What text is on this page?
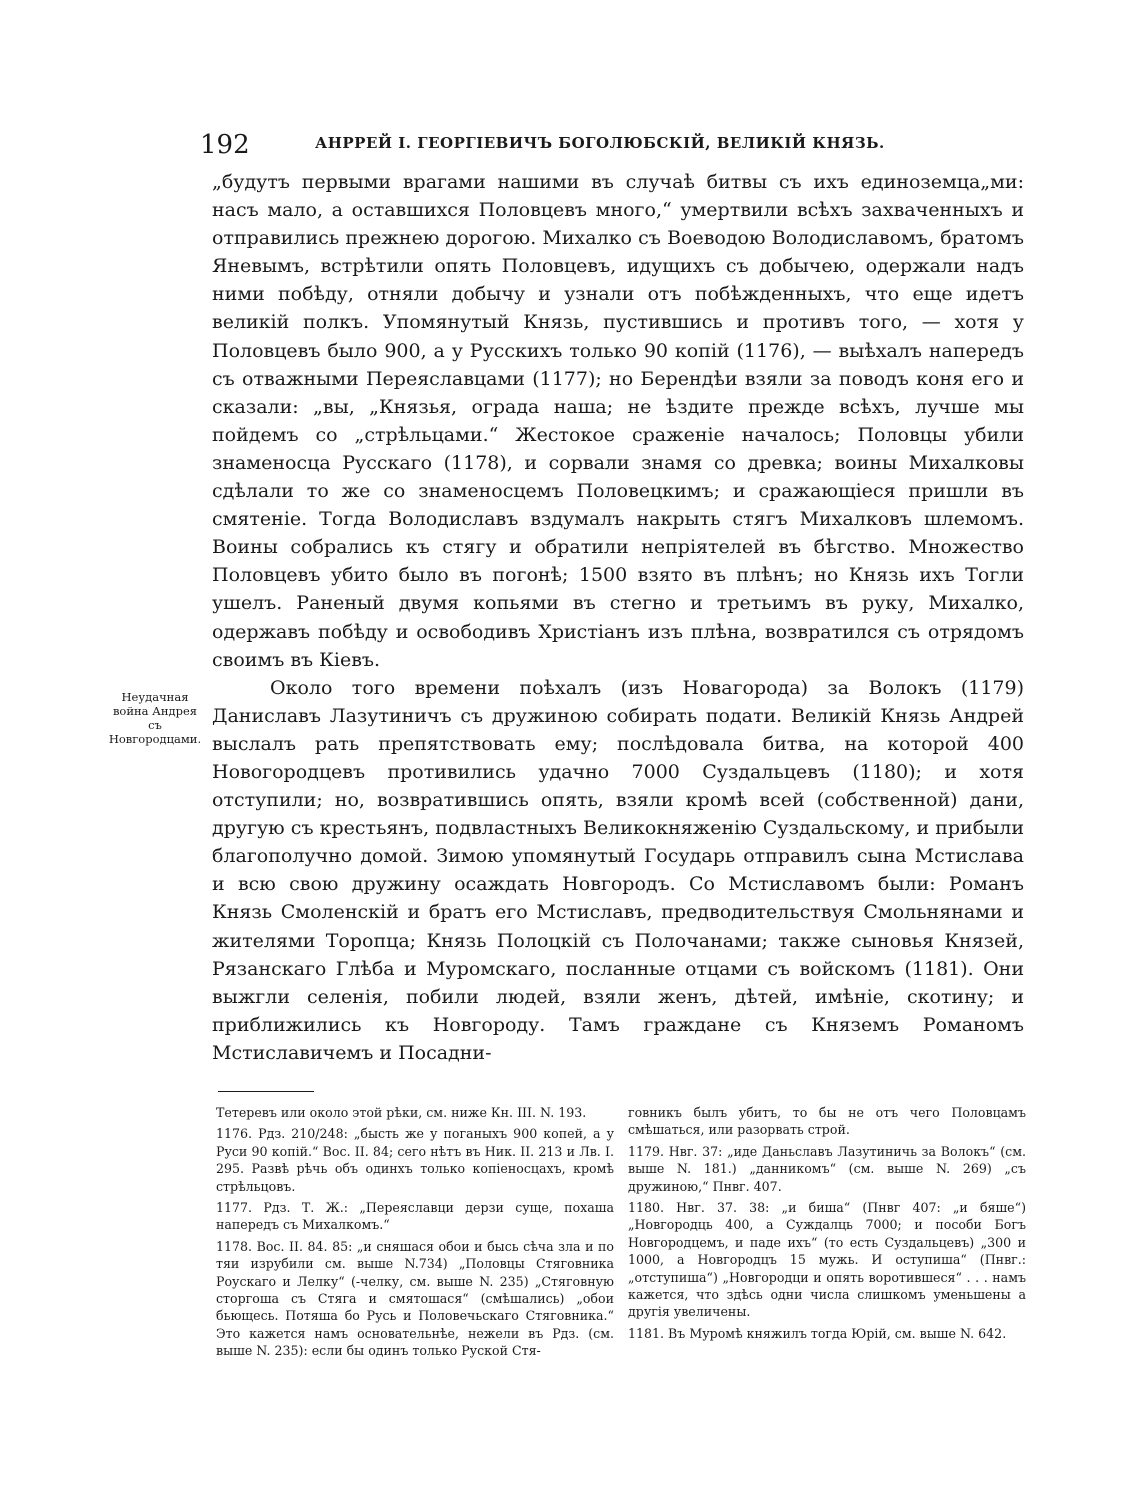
192	АНРРЕЙ I. ГЕОРГІЕВИЧЪ БОГОЛЮБСКІЙ, ВЕЛИКІЙ КНЯЗЬ.

„будутъ первыми врагами нашими въ случаѣ битвы съ ихъ единоземца„ми: насъ мало, а оставшихся Половцевъ много,“ умертвили всѣхъ захваченныхъ и отправились прежнею дорогою. Михалко съ Воеводою Володиславомъ, братомъ Яневымъ, встрѣтили опять Половцевъ, идущихъ съ добычею, одержали надъ ними побѣду, отняли добычу и узнали отъ побѣжденныхъ, что еще идетъ великій полкъ. Упомянутый Князь, пустившись и противъ того, — хотя у Половцевъ было 900, а у Русскихъ только 90 копій (1176), — выѣхалъ напередъ съ отважными Переяславцами (1177); но Берендѣи взяли за поводъ коня его и сказали: „вы, „Князья, ограда наша; не ѣздите прежде всѣхъ, лучше мы пойдемъ со „стрѣльцами.“ Жестокое сраженіе началось; Половцы убили знаменосца Русскаго (1178), и сорвали знамя со древка; воины Михалковы сдѣлали то же со знаменосцемъ Половецкимъ; и сражающіеся пришли въ смятеніе. Тогда Володиславъ вздумалъ накрыть стягъ Михалковъ шлемомъ. Воины собрались къ стягу и обратили непріятелей въ бѣгство. Множество Половцевъ убито было въ погонѣ; 1500 взято въ плѣнъ; но Князь ихъ Тогли ушелъ. Раненый двумя копьями въ стегно и третьимъ въ руку, Михалко, одержавъ побѣду и освободивъ Христіанъ изъ плѣна, возвратился съ отрядомъ своимъ въ Кіевъ.

Около того времени поѣхалъ (изъ Новагорода) за Волокъ (1179) Даниславъ Лазутиничъ съ дружиною собирать подати. Великій Князь Андрей выслалъ рать препятствовать ему; послѣдовала битва, на которой 400 Новогородцевъ противились удачно 7000 Суздальцевъ (1180); и хотя отступили; но, возвратившись опять, взяли кромѣ всей (собственной) дани, другую съ крестьянъ, подвластныхъ Великокняженію Суздальскому, и прибыли благополучно домой. Зимою упомянутый Государь отправилъ сына Мстислава и всю свою дружину осаждать Новгородъ. Со Мстиславомъ были: Романъ Князь Смоленскій и братъ его Мстиславъ, предводительствуя Смольнянами и жителями Торопца; Князь Полоцкій съ Полочанами; также сыновья Князей, Рязанскаго Глѣба и Муромскаго, посланные отцами съ войскомъ (1181). Они выжгли селенія, побили людей, взяли женъ, дѣтей, имѣніе, скотину; и приближились къ Новгороду. Тамъ граждане съ Княземъ Романомъ Мстиславичемъ и Посадни-

Неудачная война Андрея съ Новгородцами.

Тетеревъ или около этой рѣки, см. ниже Кн. III. N. 193.

1176. Рдз. 210/248: „бысть же у поганыхъ 900 копей, а у Руси 90 копій.“ Вос. II. 84; сего нѣтъ въ Ник. II. 213 и Лв. I. 295. Развѣ рѣчь объ одинхъ только копіеносцахъ, кромѣ стрѣльцовъ.

1177. Рдз. Т. Ж.: „Переяславци дерзи суще, похаша напередъ съ Михалкомъ.“

1178. Вос. II. 84. 85: „и сняшася обои и бысь сѣча зла и по тяи изрубили см. выше N.734) „Половцы Стяговника Роускаго и Лелку“ (-челку, см. выше N. 235) „Стяговную сторгоша съ Стяга и смятошася“ (смѣшались) „обои бьющесь. Потяша бо Русь и Половечьскаго Стяговника.“ Это кажется намъ основательнѣе, нежели въ Рдз. (см. выше N. 235): если бы одинъ только Руской Стя-

говникъ былъ убитъ, то бы не отъ чего Половцамъ смѣшаться, или разорвать строй.

1179. Нвг. 37: „иде Даньславъ Лазутиничь за Волокъ“ (см. выше N. 181.) „данникомъ“ (см. выше N. 269) „съ дружиною,“ Пнвг. 407.

1180. Нвг. 37. 38: „и биша“ (Пнвг 407: „и бяше“) „Новгородць 400, а Суждалць 7000; и пособи Богъ Новгородцемъ, и паде ихъ“ (то есть Суздальцевъ) „300 и 1000, а Новгородцъ 15 мужь. И оступиша“ (Пнвг.: „отступиша“) „Новгородци и опять воротившеся“ . . . намъ кажется, что здѣсь одни числа слишкомъ уменьшены а другія увеличены.

1181. Въ Муромѣ княжилъ тогда Юрій, см. выше N. 642.
